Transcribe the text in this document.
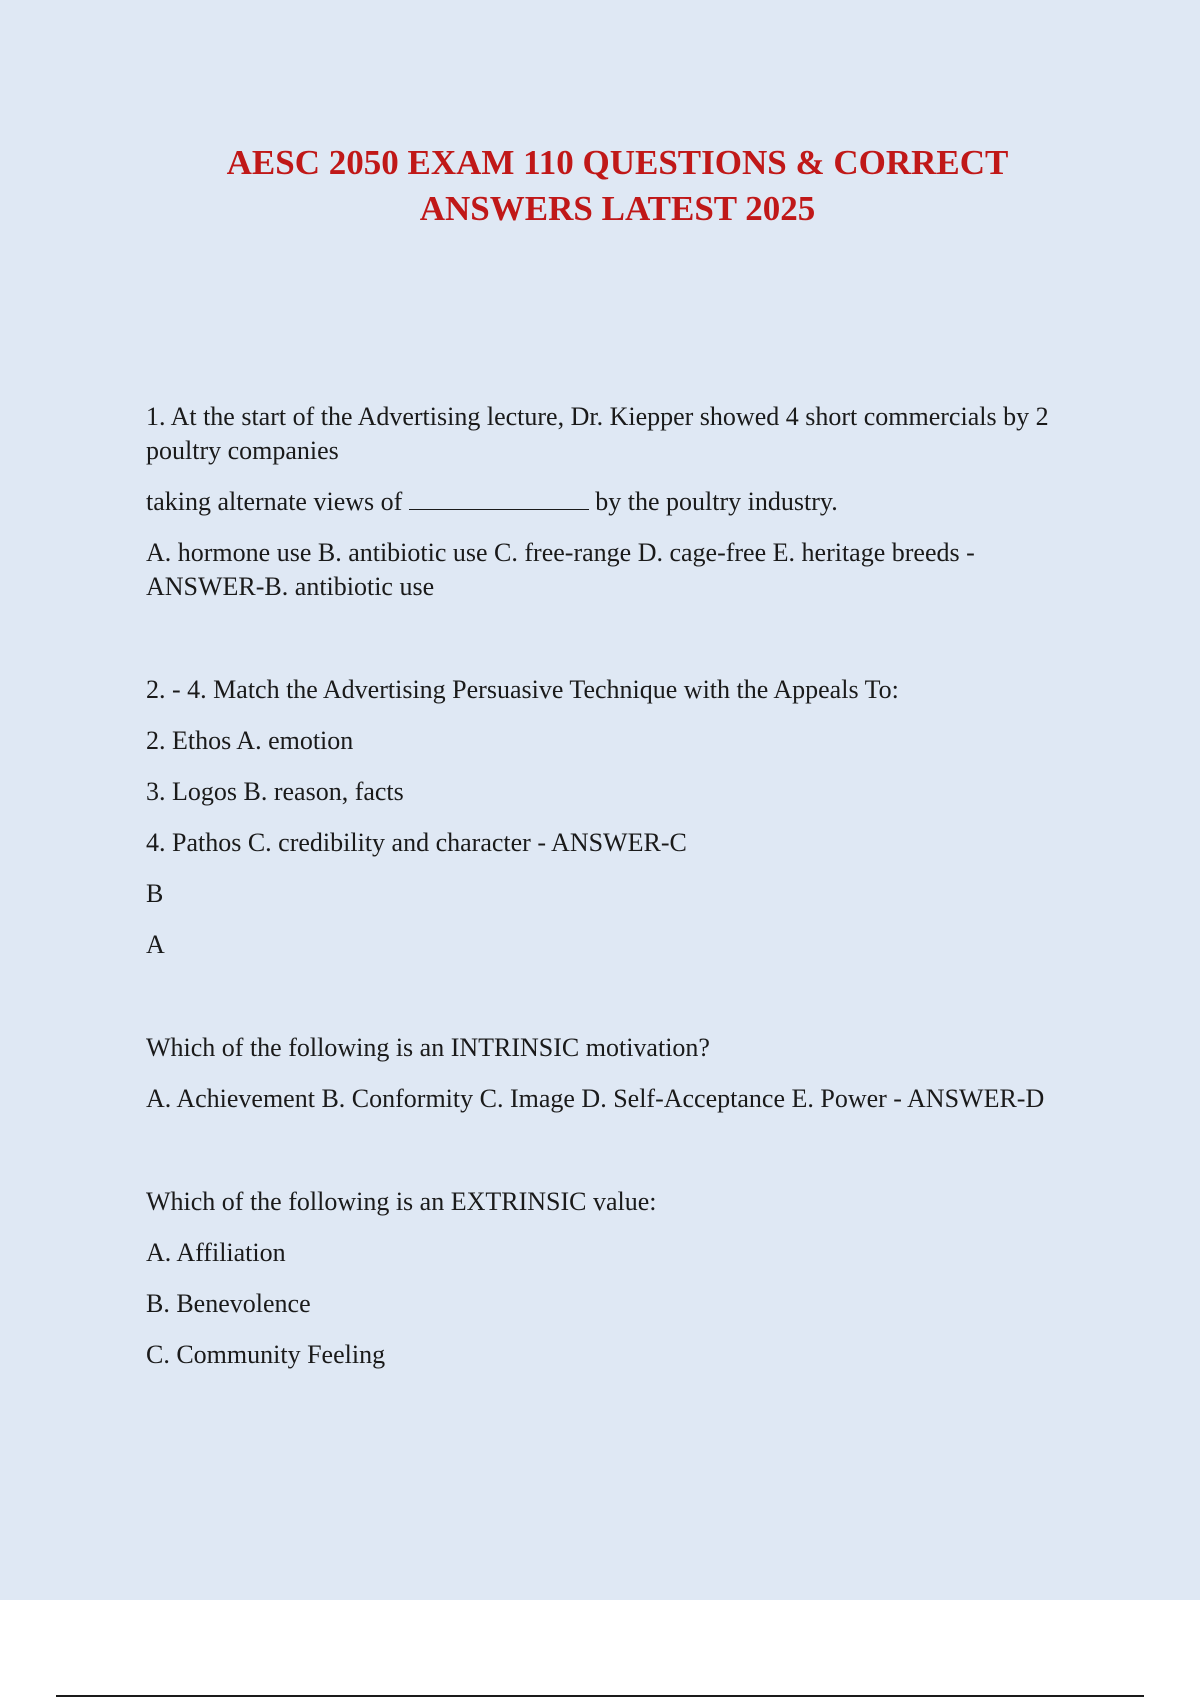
AESC 2050 EXAM 110 QUESTIONS & CORRECT
ANSWERS LATEST 2025

1. At the start of the Advertising lecture, Dr. Kiepper showed 4 short commercials by 2 poultry companies

taking alternate views of	by the poultry industry.

A. hormone use B. antibiotic use C. free-range D. cage-free E. heritage breeds - ANSWER-B. antibiotic use

2. - 4. Match the Advertising Persuasive Technique with the Appeals To:

2. Ethos A. emotion

3. Logos B. reason, facts

4. Pathos C. credibility and character - ANSWER-C

B

A

Which of the following is an INTRINSIC motivation?

A. Achievement B. Conformity C. Image D. Self-Acceptance E. Power - ANSWER-D

Which of the following is an EXTRINSIC value:

A. Affiliation

B. Benevolence

C. Community Feeling
